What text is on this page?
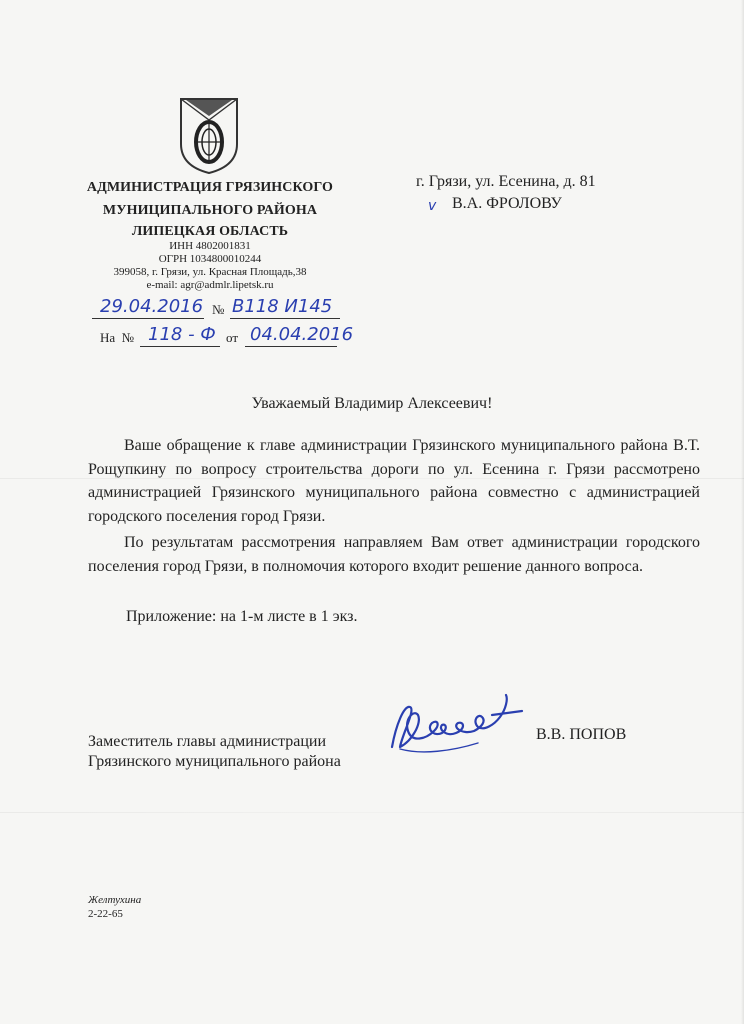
АДМИНИСТРАЦИЯ ГРЯЗИНСКОГО
МУНИЦИПАЛЬНОГО РАЙОНА
ЛИПЕЦКАЯ ОБЛАСТЬ
ИНН 4802001831
ОГРН 1034800010244
399058, г. Грязи, ул. Красная Площадь,38
e-mail: agr@admlr.lipetsk.ru
29.04.2016 № В118 И145
На  № 118 - Ф от 04.04.2016
г. Грязи, ул. Есенина, д. 81
v В.А. ФРОЛОВУ
Уважаемый Владимир Алексеевич!
Ваше обращение к главе администрации Грязинского муниципального района В.Т. Рощупкину по вопросу строительства дороги по ул. Есенина г. Грязи рассмотрено администрацией Грязинского муниципального района совместно с администрацией городского поселения город Грязи.
По результатам рассмотрения направляем Вам ответ администрации городского поселения город Грязи, в полномочия которого входит решение данного вопроса.
Приложение: на 1-м листе в 1 экз.
Заместитель главы администрации
Грязинского муниципального района
В.В. ПОПОВ
Желтухина
2-22-65
